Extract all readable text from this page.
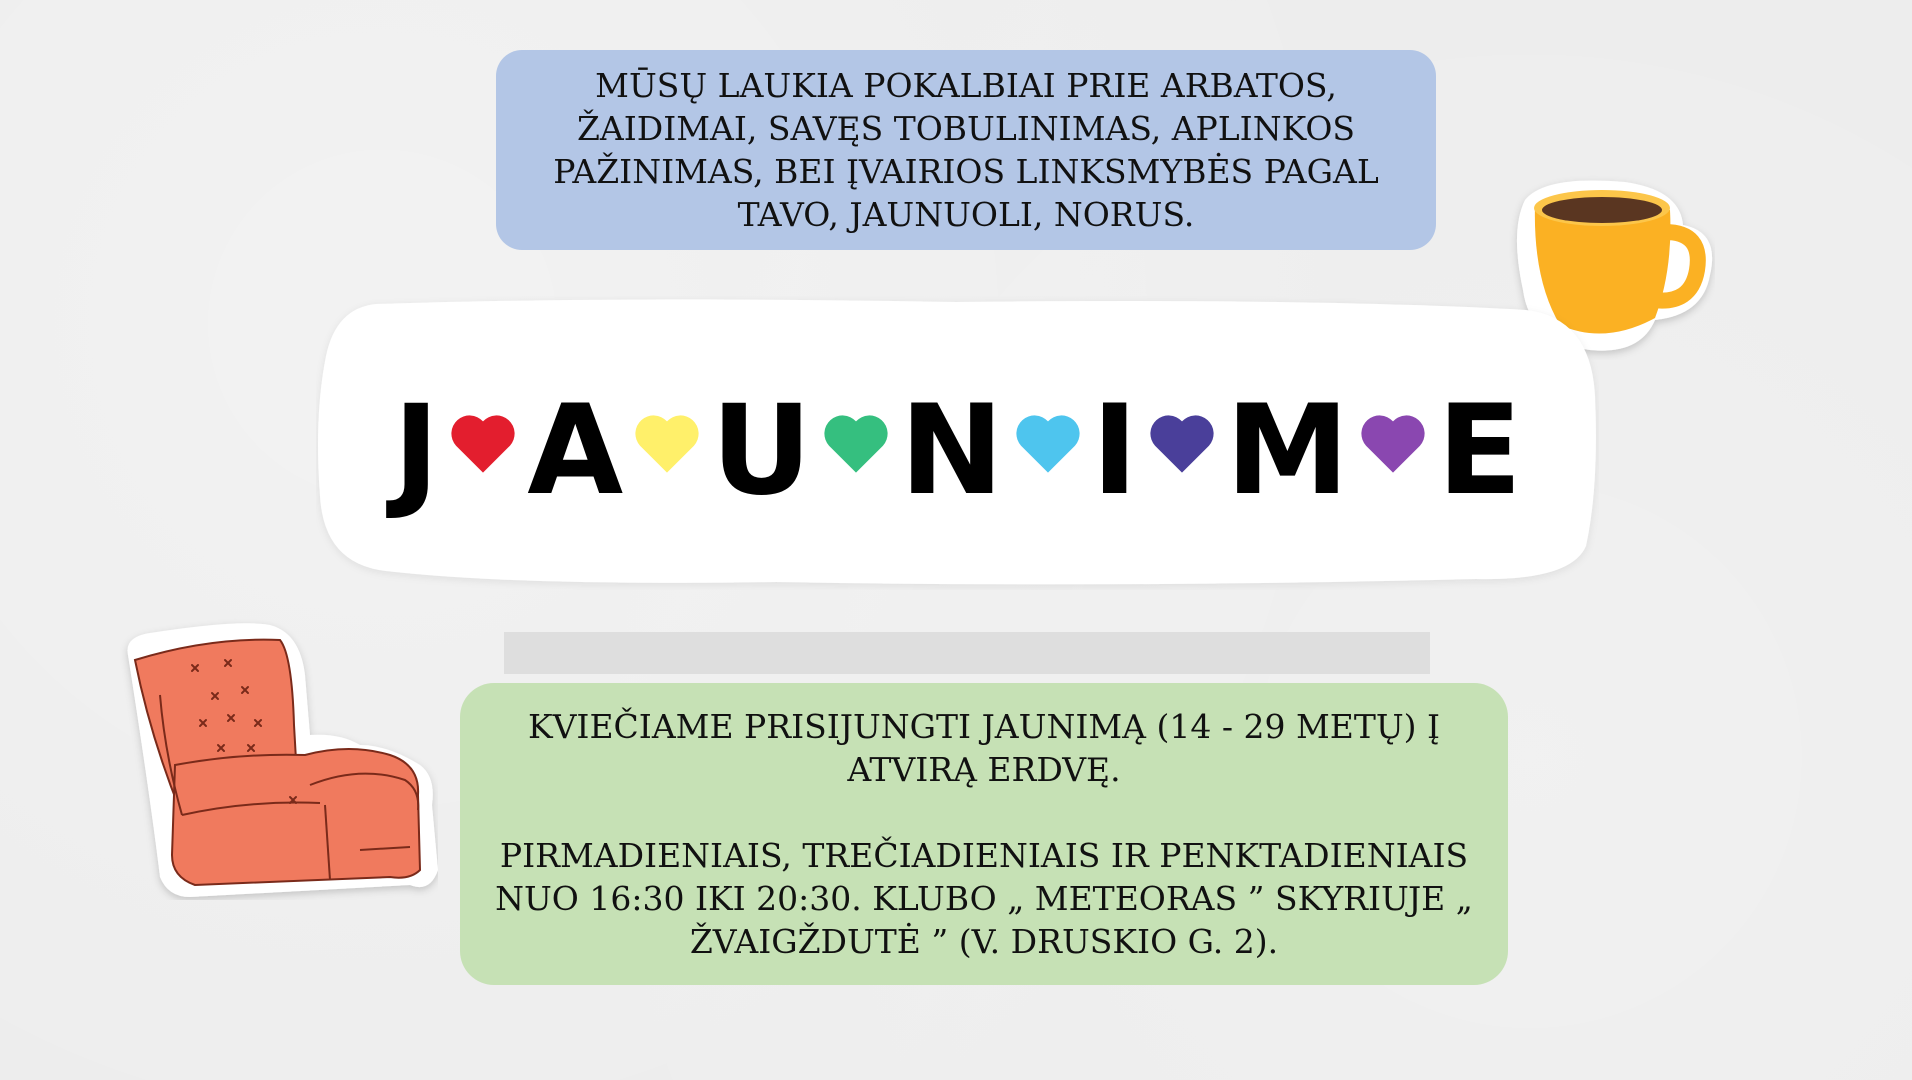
MŪSŲ LAUKIA POKALBIAI PRIE ARBATOS, ŽAIDIMAI, SAVĘS TOBULINIMAS, APLINKOS PAŽINIMAS, BEI ĮVAIRIOS LINKSMYBĖS PAGAL TAVO, JAUNUOLI, NORUS.

J A U N I M E

KVIEČIAME PRISIJUNGTI JAUNIMĄ (14 - 29 METŲ) Į ATVIRĄ ERDVĘ.

PIRMADIENIAIS, TREČIADIENIAIS IR PENKTADIENIAIS NUO 16:30 IKI 20:30. KLUBO „ METEORAS ” SKYRIUJE „ ŽVAIGŽDUTĖ ” (V. DRUSKIO G. 2).
